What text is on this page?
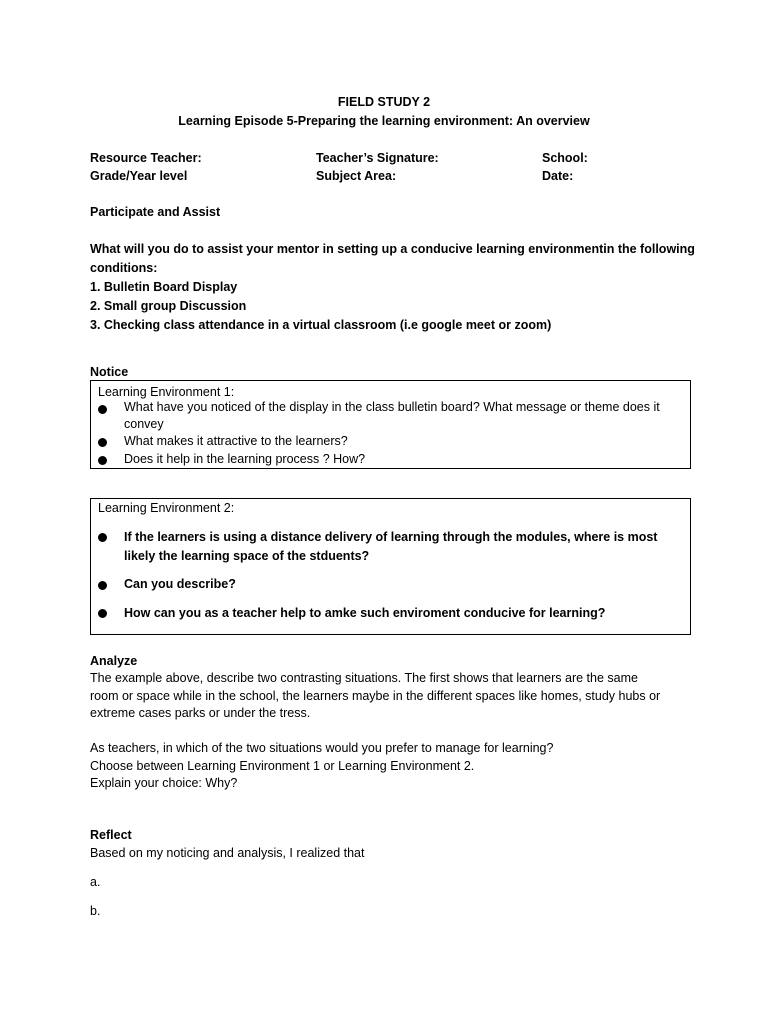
FIELD STUDY 2
Learning Episode 5-Preparing the learning environment: An overview
Resource Teacher:	Teacher’s Signature:	School:
Grade/Year level	Subject Area:	Date:
Participate and Assist
What will you do to assist your mentor in setting up a conducive learning environmentin the following
conditions:
1. Bulletin Board Display
2. Small group Discussion
3. Checking class attendance in a virtual classroom (i.e google meet or zoom)
Notice
Learning Environment 1:
What have you noticed of the display in the class bulletin board? What message or theme does it convey
What makes it attractive to the learners?
Does it help in the learning process ? How?
Learning Environment 2:
If the learners is using a distance delivery of learning through the modules, where is most likely the learning space of the stduents?
Can you describe?
How can you as a teacher help to amke such enviroment conducive for learning?
Analyze
The example above, describe two contrasting situations. The first shows that learners are the same
room or space while in the school, the learners maybe in the different spaces like homes, study hubs or
extreme cases parks or under the tress.
As teachers, in which of the two situations would you prefer to manage for learning?
Choose between Learning Environment 1 or Learning Environment 2.
Explain your choice: Why?
Reflect
Based on my noticing and analysis, I realized that
a.
b.
